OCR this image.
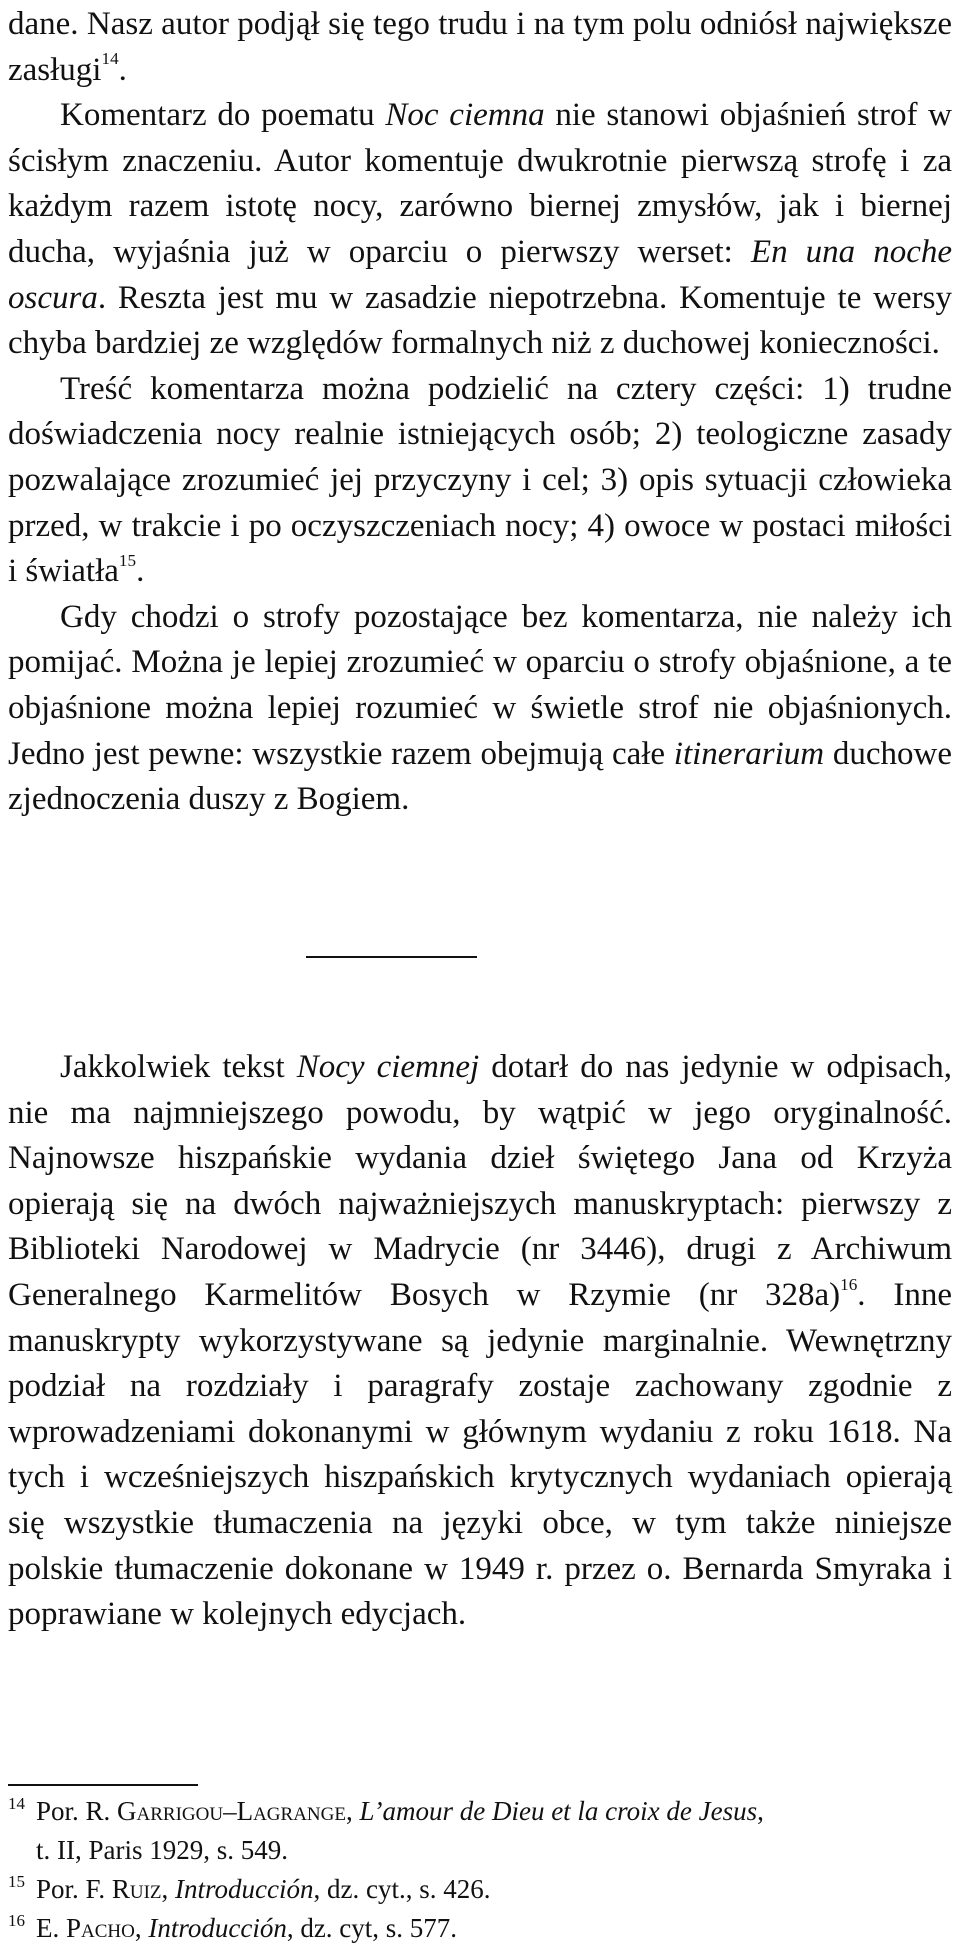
dane. Nasz autor podjął się tego trudu i na tym polu odniósł największe zasługi$^{14}$.

Komentarz do poematu Noc ciemna nie stanowi objaśnień strof w ścisłym znaczeniu. Autor komentuje dwukrotnie pierwszą strofę i za każdym razem istotę nocy, zarówno biernej zmysłów, jak i biernej ducha, wyjaśnia już w oparciu o pierwszy werset: En una noche oscura. Reszta jest mu w zasadzie niepotrzebna. Komentuje te wersy chyba bardziej ze względów formalnych niż z duchowej konieczności.

Treść komentarza można podzielić na cztery części: 1) trudne doświadczenia nocy realnie istniejących osób; 2) teologiczne zasady pozwalające zrozumieć jej przyczyny i cel; 3) opis sytuacji człowieka przed, w trakcie i po oczyszczeniach nocy; 4) owoce w postaci miłości i światła$^{15}$.

Gdy chodzi o strofy pozostające bez komentarza, nie należy ich pomijać. Można je lepiej zrozumieć w oparciu o strofy objaśnione, a te objaśnione można lepiej rozumieć w świetle strof nie objaśnionych. Jedno jest pewne: wszystkie razem obejmują całe itinerarium duchowe zjednoczenia duszy z Bogiem.

Jakkolwiek tekst Nocy ciemnej dotarł do nas jedynie w odpisach, nie ma najmniejszego powodu, by wątpić w jego oryginalność. Najnowsze hiszpańskie wydania dzieł świętego Jana od Krzyża opierają się na dwóch najważniejszych manuskryptach: pierwszy z Biblioteki Narodowej w Madrycie (nr 3446), drugi z Archiwum Generalnego Karmelitów Bosych w Rzymie (nr 328a)$^{16}$. Inne manuskrypty wykorzystywane są jedynie marginalnie. Wewnętrzny podział na rozdziały i paragrafy zostaje zachowany zgodnie z wprowadzeniami dokonanymi w głównym wydaniu z roku 1618. Na tych i wcześniejszych hiszpańskich krytycznych wydaniach opierają się wszystkie tłumaczenia na języki obce, w tym także niniejsze polskie tłumaczenie dokonane w 1949 r. przez o. Bernarda Smyraka i poprawiane w kolejnych edycjach.

14 Por. R. Garrigou–Lagrange, L’amour de Dieu et la croix de Jesus,
t. II, Paris 1929, s. 549.

15 Por. F. Ruiz, Introducción, dz. cyt., s. 426.

16 E. Pacho, Introducción, dz. cyt, s. 577.
